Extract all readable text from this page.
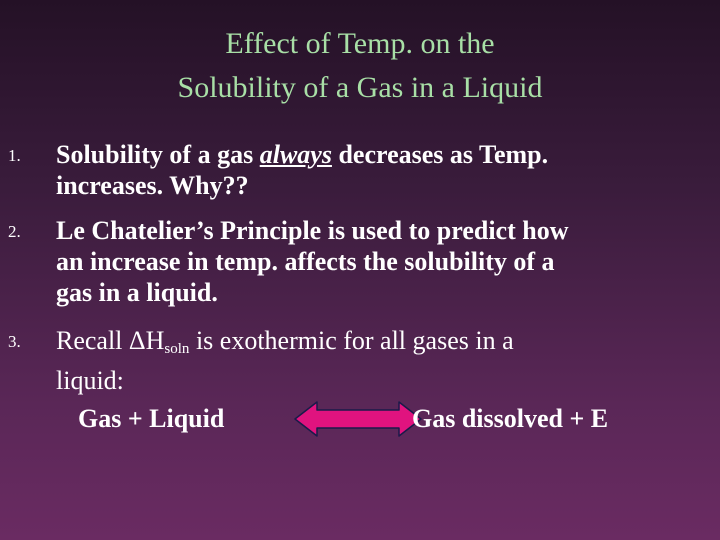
Effect of Temp. on the
Solubility of a Gas in a Liquid
1.	Solubility of a gas always decreases as Temp.
increases. Why??
2.	Le Chatelier’s Principle is used to predict how
an increase in temp. affects the solubility of a
gas in a liquid.
3.	Recall $\Delta H_{soln}$ is exothermic for all gases in a
liquid:
Gas + Liquid	Gas dissolved + E
